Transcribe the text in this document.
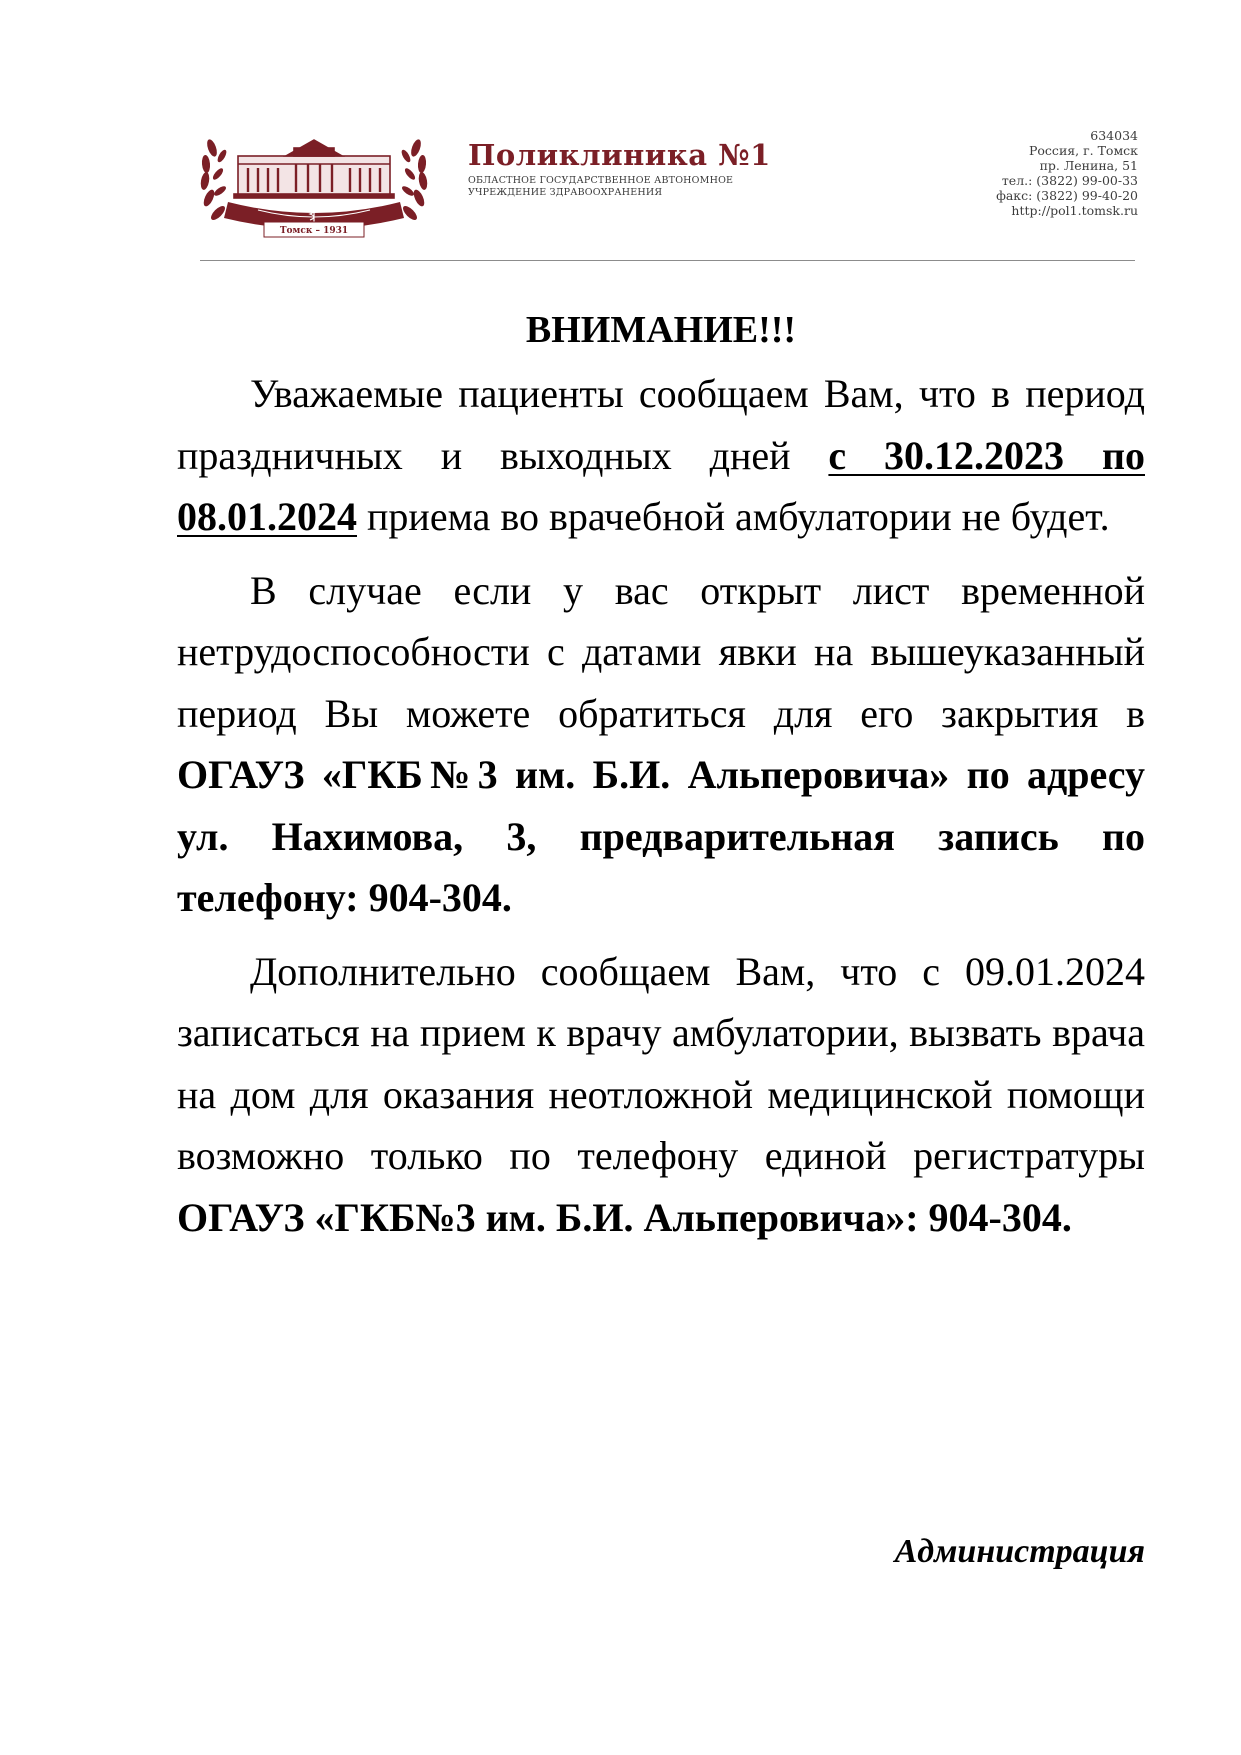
Томск – 1931
Поликлиника №1
ОБЛАСТНОЕ ГОСУДАРСТВЕННОЕ АВТОНОМНОЕ
УЧРЕЖДЕНИЕ ЗДРАВООХРАНЕНИЯ
634034
Россия, г. Томск
пр. Ленина, 51
тел.: (3822) 99-00-33
факс: (3822) 99-40-20
http://pol1.tomsk.ru
ВНИМАНИЕ!!!

Уважаемые пациенты сообщаем Вам, что в период праздничных и выходных дней с 30.12.2023 по 08.01.2024 приема во врачебной амбулатории не будет.

В случае если у вас открыт лист временной нетрудоспособности с датами явки на вышеуказанный период Вы можете обратиться для его закрытия в ОГАУЗ «ГКБ№3 им. Б.И. Альперовича» по адресу ул. Нахимова, 3, предварительная запись по телефону: 904-304.

Дополнительно сообщаем Вам, что с 09.01.2024 записаться на прием к врачу амбулатории, вызвать врача на дом для оказания неотложной медицинской помощи возможно только по телефону единой регистратуры ОГАУЗ «ГКБ№3 им. Б.И. Альперовича»: 904-304.

Администрация
